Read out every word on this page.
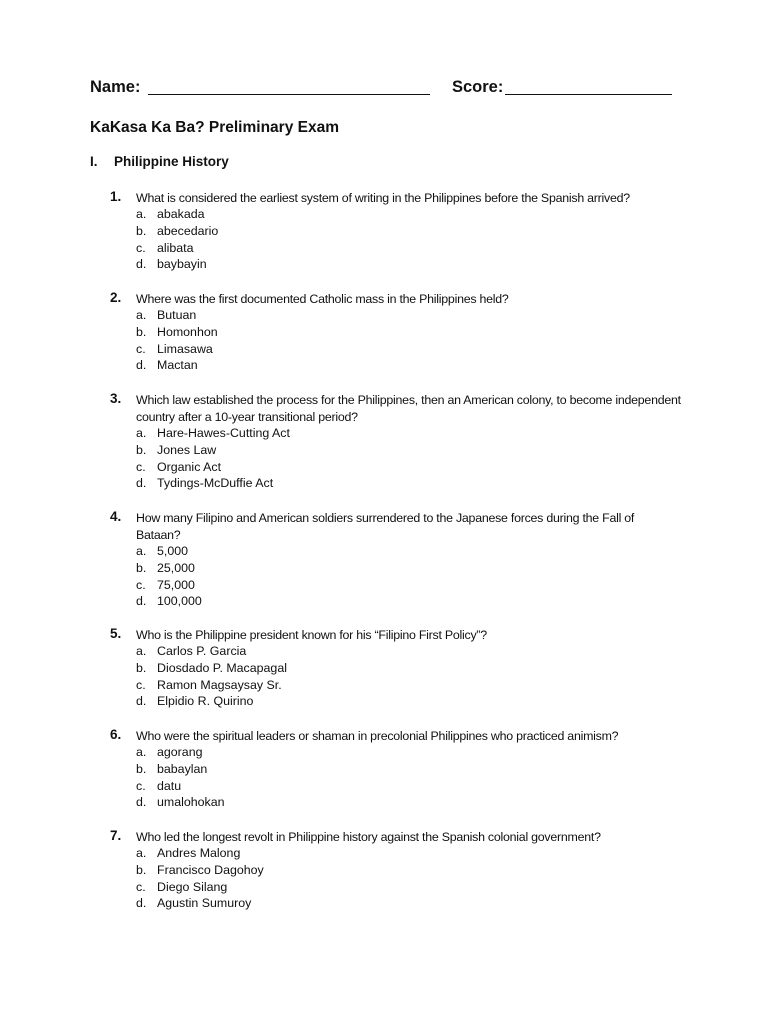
Name:	Score:
KaKasa Ka Ba? Preliminary Exam
I. Philippine History
1.	What is considered the earliest system of writing in the Philippines before the Spanish arrived?
a. abakada
b. abecedario
c. alibata
d. baybayin
2.	Where was the first documented Catholic mass in the Philippines held?
a. Butuan
b. Homonhon
c. Limasawa
d. Mactan
3.	Which law established the process for the Philippines, then an American colony, to become independent country after a 10-year transitional period?
a. Hare-Hawes-Cutting Act
b. Jones Law
c. Organic Act
d. Tydings-McDuffie Act
4.	How many Filipino and American soldiers surrendered to the Japanese forces during the Fall of Bataan?
a. 5,000
b. 25,000
c. 75,000
d. 100,000
5.	Who is the Philippine president known for his “Filipino First Policy”?
a. Carlos P. Garcia
b. Diosdado P. Macapagal
c. Ramon Magsaysay Sr.
d. Elpidio R. Quirino
6.	Who were the spiritual leaders or shaman in precolonial Philippines who practiced animism?
a. agorang
b. babaylan
c. datu
d. umalohokan
7.	Who led the longest revolt in Philippine history against the Spanish colonial government?
a. Andres Malong
b. Francisco Dagohoy
c. Diego Silang
d. Agustin Sumuroy
